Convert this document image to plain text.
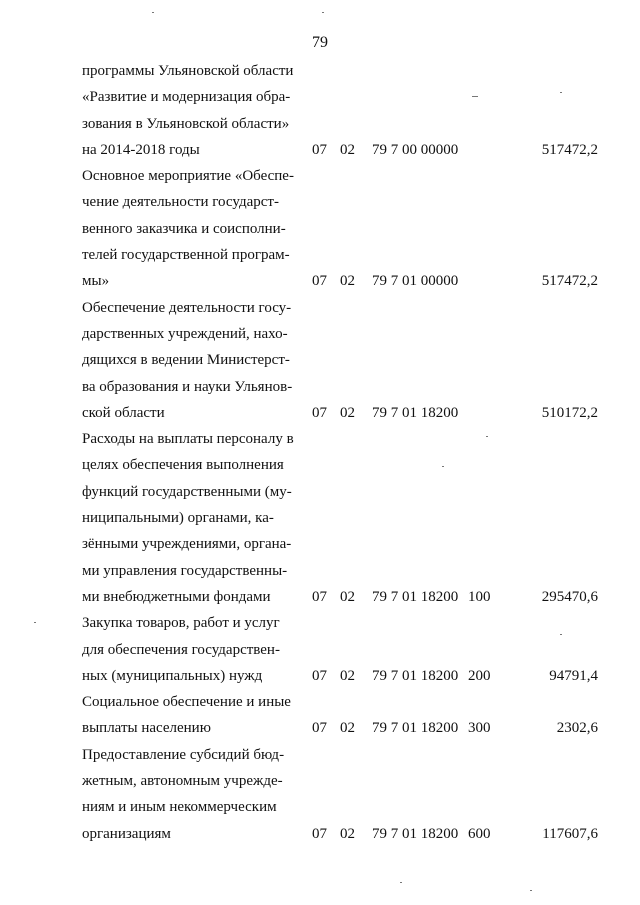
79
программы Ульяновской области
«Развитие и модернизация обра-
зования в Ульяновской области»
на 2014-2018 годы	07 02 79 7 00 00000	517472,2
Основное мероприятие «Обеспе-
чение деятельности государст-
венного заказчика и соисполни-
телей государственной програм-
мы»	07 02 79 7 01 00000	517472,2
Обеспечение деятельности госу-
дарственных учреждений, нахо-
дящихся в ведении Министерст-
ва образования и науки Ульянов-
ской области	07 02 79 7 01 18200	510172,2
Расходы на выплаты персоналу в
целях обеспечения выполнения
функций государственными (му-
ниципальными) органами, ка-
зёнными учреждениями, органа-
ми управления государственны-
ми внебюджетными фондами	07 02 79 7 01 18200 100	295470,6
Закупка товаров, работ и услуг
для обеспечения государствен-
ных (муниципальных) нужд	07 02 79 7 01 18200 200	94791,4
Социальное обеспечение и иные
выплаты населению	07 02 79 7 01 18200 300	2302,6
Предоставление субсидий бюд-
жетным, автономным учрежде-
ниям и иным некоммерческим
организациям	07 02 79 7 01 18200 600	117607,6
